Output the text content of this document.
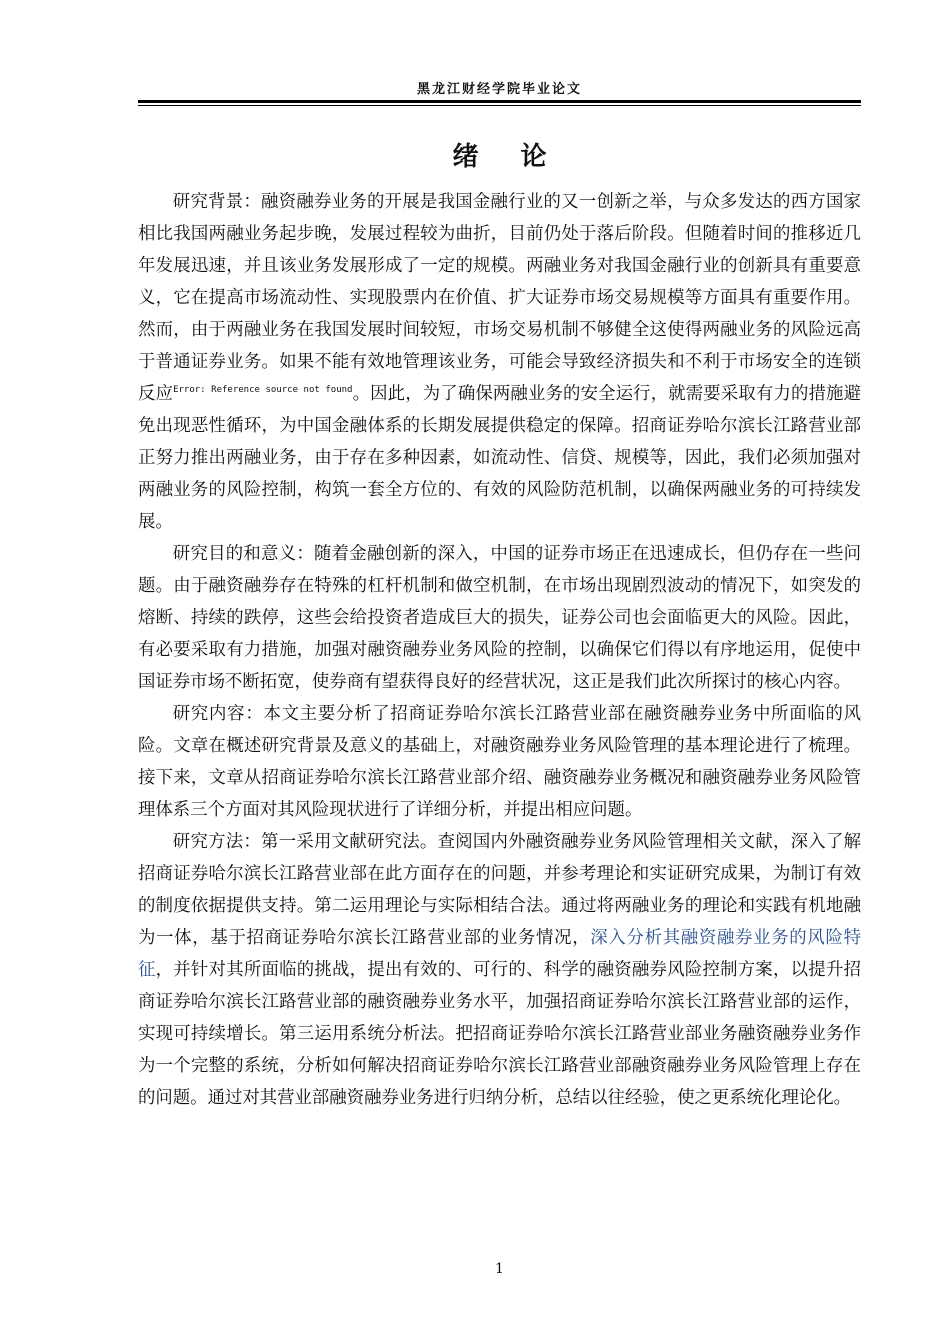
黑龙江财经学院毕业论文
绪论

研究背景：融资融券业务的开展是我国金融行业的又一创新之举，与众多发达的西方国家相比我国两融业务起步晚，发展过程较为曲折，目前仍处于落后阶段。但随着时间的推移近几年发展迅速，并且该业务发展形成了一定的规模。两融业务对我国金融行业的创新具有重要意义，它在提高市场流动性、实现股票内在价值、扩大证券市场交易规模等方面具有重要作用。然而，由于两融业务在我国发展时间较短，市场交易机制不够健全这使得两融业务的风险远高于普通证券业务。如果不能有效地管理该业务，可能会导致经济损失和不利于市场安全的连锁反应$^{Error: Reference source not found}$。因此，为了确保两融业务的安全运行，就需要采取有力的措施避免出现恶性循环，为中国金融体系的长期发展提供稳定的保障。招商证券哈尔滨长江路营业部正努力推出两融业务，由于存在多种因素，如流动性、信贷、规模等，因此，我们必须加强对两融业务的风险控制，构筑一套全方位的、有效的风险防范机制，以确保两融业务的可持续发展。

研究目的和意义：随着金融创新的深入，中国的证券市场正在迅速成长，但仍存在一些问题。由于融资融券存在特殊的杠杆机制和做空机制，在市场出现剧烈波动的情况下，如突发的熔断、持续的跌停，这些会给投资者造成巨大的损失，证券公司也会面临更大的风险。因此，有必要采取有力措施，加强对融资融券业务风险的控制，以确保它们得以有序地运用，促使中国证券市场不断拓宽，使券商有望获得良好的经营状况，这正是我们此次所探讨的核心内容。

研究内容：本文主要分析了招商证券哈尔滨长江路营业部在融资融券业务中所面临的风险。文章在概述研究背景及意义的基础上，对融资融券业务风险管理的基本理论进行了梳理。接下来，文章从招商证券哈尔滨长江路营业部介绍、融资融券业务概况和融资融券业务风险管理体系三个方面对其风险现状进行了详细分析，并提出相应问题。

研究方法：第一采用文献研究法。查阅国内外融资融券业务风险管理相关文献，深入了解招商证券哈尔滨长江路营业部在此方面存在的问题，并参考理论和实证研究成果，为制订有效的制度依据提供支持。第二运用理论与实际相结合法。通过将两融业务的理论和实践有机地融为一体，基于招商证券哈尔滨长江路营业部的业务情况，深入分析其融资融券业务的风险特征，并针对其所面临的挑战，提出有效的、可行的、科学的融资融券风险控制方案，以提升招商证券哈尔滨长江路营业部的融资融券业务水平，加强招商证券哈尔滨长江路营业部的运作，实现可持续增长。第三运用系统分析法。把招商证券哈尔滨长江路营业部业务融资融券业务作为一个完整的系统，分析如何解决招商证券哈尔滨长江路营业部融资融券业务风险管理上存在的问题。通过对其营业部融资融券业务进行归纳分析，总结以往经验，使之更系统化理论化。

1
